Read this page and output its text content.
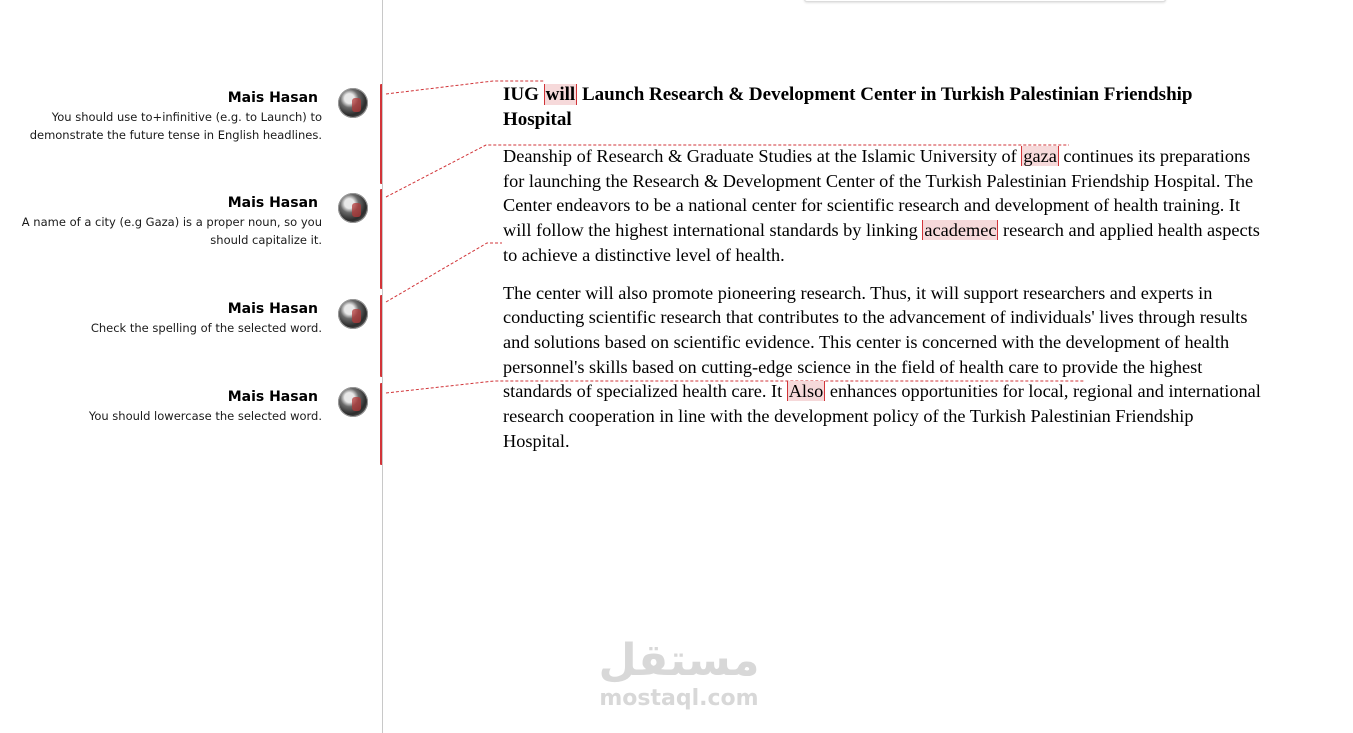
Mais Hasan
You should use to+infinitive (e.g. to Launch) to demonstrate the future tense in English headlines.
Mais Hasan
A name of a city (e.g Gaza) is a proper noun, so you should capitalize it.
Mais Hasan
Check the spelling of the selected word.
Mais Hasan
You should lowercase the selected word.
IUG will Launch Research & Development Center in Turkish Palestinian Friendship Hospital

Deanship of Research & Graduate Studies at the Islamic University of gaza continues its preparations for launching the Research & Development Center of the Turkish Palestinian Friendship Hospital. The Center endeavors to be a national center for scientific research and development of health training. It will follow the highest international standards by linking academec research and applied health aspects to achieve a distinctive level of health.

The center will also promote pioneering research. Thus, it will support researchers and experts in conducting scientific research that contributes to the advancement of individuals' lives through results and solutions based on scientific evidence. This center is concerned with the development of health personnel's skills based on cutting-edge science in the field of health care to provide the highest standards of specialized health care. It Also enhances opportunities for local, regional and international research cooperation in line with the development policy of the Turkish Palestinian Friendship Hospital.

مستقل
mostaql.com
